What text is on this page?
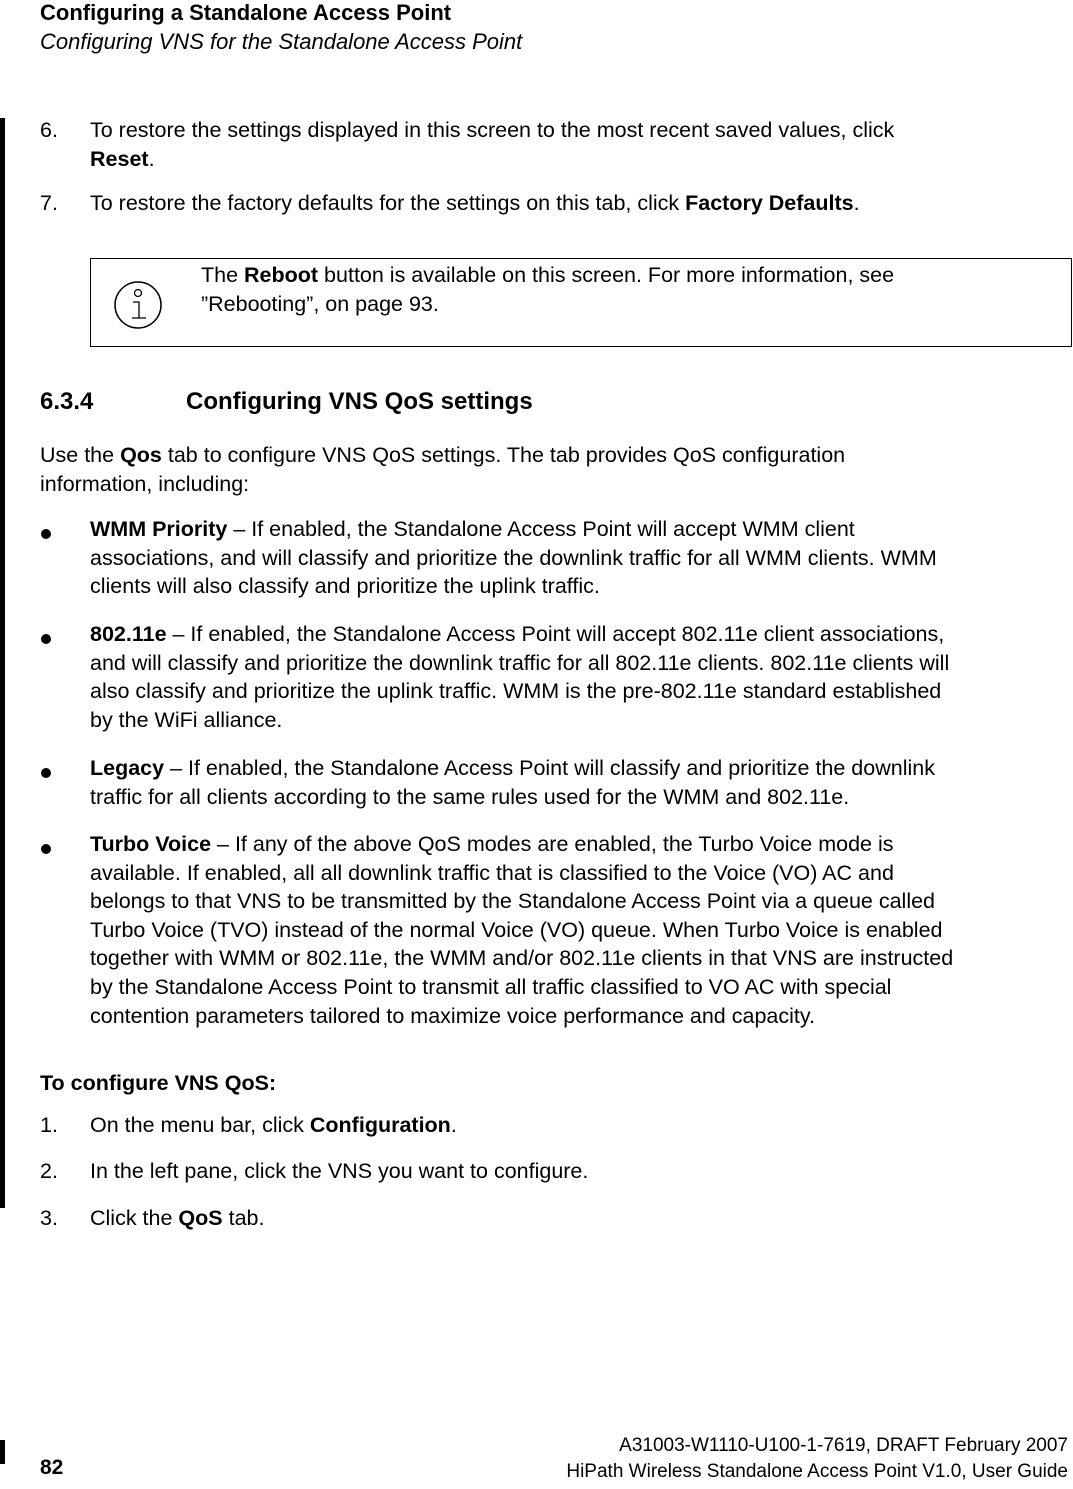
Configuring a Standalone Access Point
Configuring VNS for the Standalone Access Point
6. To restore the settings displayed in this screen to the most recent saved values, click
Reset.
7. To restore the factory defaults for the settings on this tab, click Factory Defaults.
The Reboot button is available on this screen. For more information, see
”Rebooting”, on page 93.
6.3.4	Configuring VNS QoS settings
Use the Qos tab to configure VNS QoS settings. The tab provides QoS configuration
information, including:
WMM Priority – If enabled, the Standalone Access Point will accept WMM client
associations, and will classify and prioritize the downlink traffic for all WMM clients. WMM
clients will also classify and prioritize the uplink traffic.
802.11e – If enabled, the Standalone Access Point will accept 802.11e client associations,
and will classify and prioritize the downlink traffic for all 802.11e clients. 802.11e clients will
also classify and prioritize the uplink traffic. WMM is the pre-802.11e standard established
by the WiFi alliance.
Legacy – If enabled, the Standalone Access Point will classify and prioritize the downlink
traffic for all clients according to the same rules used for the WMM and 802.11e.
Turbo Voice – If any of the above QoS modes are enabled, the Turbo Voice mode is
available. If enabled, all all downlink traffic that is classified to the Voice (VO) AC and
belongs to that VNS to be transmitted by the Standalone Access Point via a queue called
Turbo Voice (TVO) instead of the normal Voice (VO) queue. When Turbo Voice is enabled
together with WMM or 802.11e, the WMM and/or 802.11e clients in that VNS are instructed
by the Standalone Access Point to transmit all traffic classified to VO AC with special
contention parameters tailored to maximize voice performance and capacity.
To configure VNS QoS:
1. On the menu bar, click Configuration.
2. In the left pane, click the VNS you want to configure.
3. Click the QoS tab.
82
A31003-W1110-U100-1-7619, DRAFT February 2007
HiPath Wireless Standalone Access Point V1.0, User Guide
